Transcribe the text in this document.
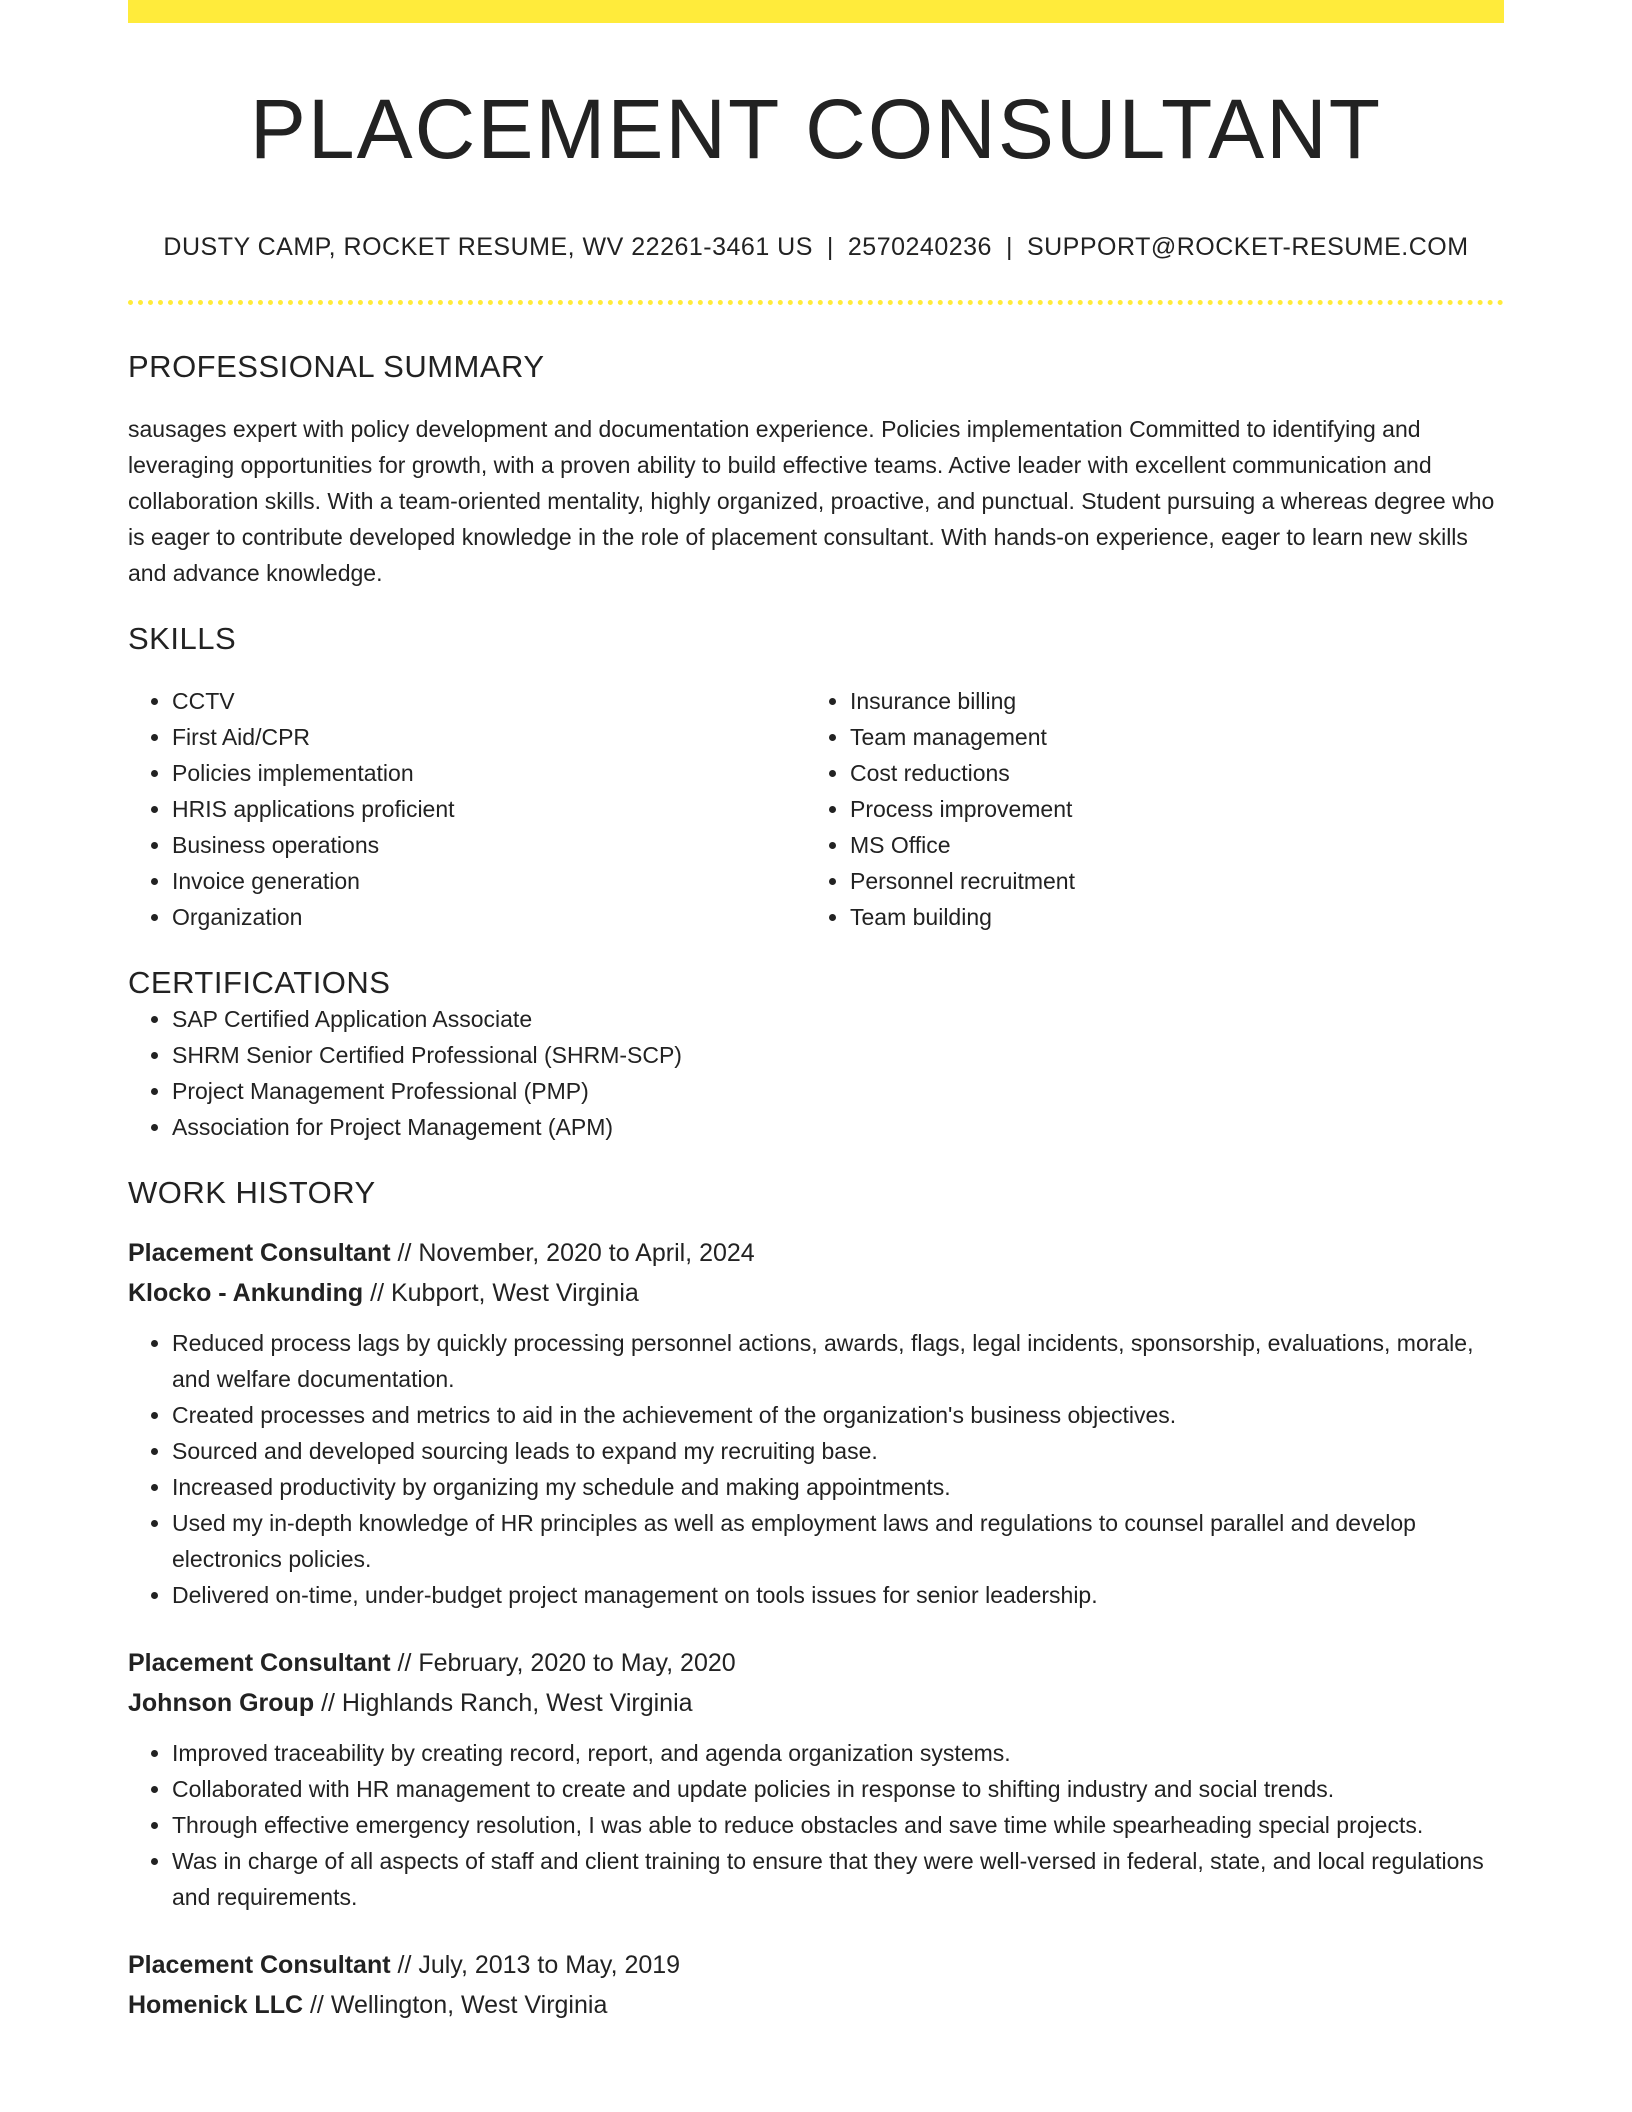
PLACEMENT CONSULTANT
DUSTY CAMP, ROCKET RESUME, WV 22261-3461 US | 2570240236 | SUPPORT@ROCKET-RESUME.COM
PROFESSIONAL SUMMARY

sausages expert with policy development and documentation experience. Policies implementation Committed to identifying and leveraging opportunities for growth, with a proven ability to build effective teams. Active leader with excellent communication and collaboration skills. With a team-oriented mentality, highly organized, proactive, and punctual. Student pursuing a whereas degree who is eager to contribute developed knowledge in the role of placement consultant. With hands-on experience, eager to learn new skills and advance knowledge.

SKILLS
• CCTV
• First Aid/CPR
• Policies implementation
• HRIS applications proficient
• Business operations
• Invoice generation
• Organization
• Insurance billing
• Team management
• Cost reductions
• Process improvement
• MS Office
• Personnel recruitment
• Team building
CERTIFICATIONS
• SAP Certified Application Associate
• SHRM Senior Certified Professional (SHRM-SCP)
• Project Management Professional (PMP)
• Association for Project Management (APM)
WORK HISTORY
Placement Consultant // November, 2020 to April, 2024
Klocko - Ankunding // Kubport, West Virginia
• Reduced process lags by quickly processing personnel actions, awards, flags, legal incidents, sponsorship, evaluations, morale, and welfare documentation.
• Created processes and metrics to aid in the achievement of the organization's business objectives.
• Sourced and developed sourcing leads to expand my recruiting base.
• Increased productivity by organizing my schedule and making appointments.
• Used my in-depth knowledge of HR principles as well as employment laws and regulations to counsel parallel and develop electronics policies.
• Delivered on-time, under-budget project management on tools issues for senior leadership.
Placement Consultant // February, 2020 to May, 2020
Johnson Group // Highlands Ranch, West Virginia
• Improved traceability by creating record, report, and agenda organization systems.
• Collaborated with HR management to create and update policies in response to shifting industry and social trends.
• Through effective emergency resolution, I was able to reduce obstacles and save time while spearheading special projects.
• Was in charge of all aspects of staff and client training to ensure that they were well-versed in federal, state, and local regulations and requirements.
Placement Consultant // July, 2013 to May, 2019
Homenick LLC // Wellington, West Virginia
